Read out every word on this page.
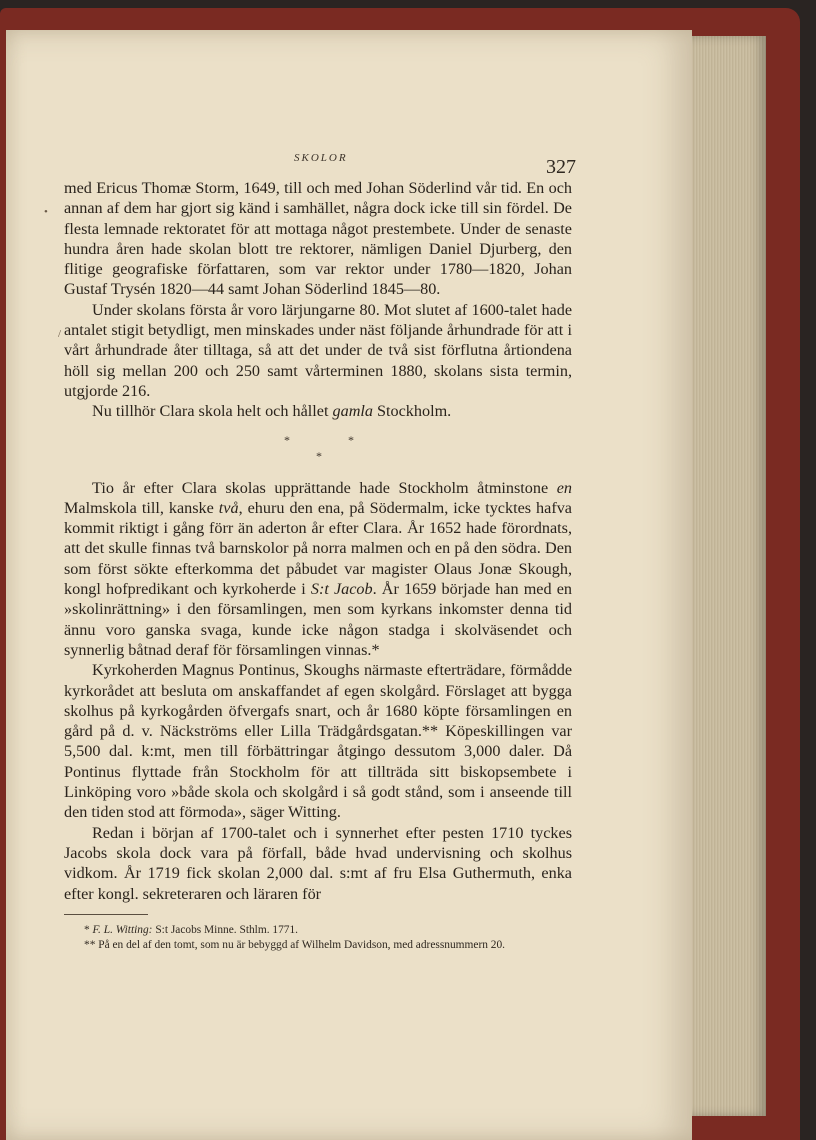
SKOLOR	327

med Ericus Thomæ Storm, 1649, till och med Johan Söderlind vår tid. En och annan af dem har gjort sig känd i samhället, några dock icke till sin fördel. De flesta lemnade rektoratet för att mottaga något prestembete. Under de senaste hundra åren hade skolan blott tre rektorer, nämligen Daniel Djurberg, den flitige geografiske författaren, som var rektor under 1780—1820, Johan Gustaf Trysén 1820—44 samt Johan Söderlind 1845—80.

Under skolans första år voro lärjungarne 80. Mot slutet af 1600-talet hade antalet stigit betydligt, men minskades under näst följande århundrade för att i vårt århundrade åter tilltaga, så att det under de två sist förflutna årtiondena höll sig mellan 200 och 250 samt vårterminen 1880, skolans sista termin, utgjorde 216.

Nu tillhör Clara skola helt och hållet gamla Stockholm.

*	*
*

Tio år efter Clara skolas upprättande hade Stockholm åtminstone en Malmskola till, kanske två, ehuru den ena, på Södermalm, icke tycktes hafva kommit riktigt i gång förr än aderton år efter Clara. År 1652 hade förordnats, att det skulle finnas två barnskolor på norra malmen och en på den södra. Den som först sökte efterkomma det påbudet var magister Olaus Jonæ Skough, kongl hofpredikant och kyrkoherde i S:t Jacob. År 1659 började han med en »skolinrättning» i den församlingen, men som kyrkans inkomster denna tid ännu voro ganska svaga, kunde icke någon stadga i skolväsendet och synnerlig båtnad deraf för församlingen vinnas.*

Kyrkoherden Magnus Pontinus, Skoughs närmaste efterträdare, förmådde kyrkorådet att besluta om anskaffandet af egen skolgård. Förslaget att bygga skolhus på kyrkogården öfvergafs snart, och år 1680 köpte församlingen en gård på d. v. Näckströms eller Lilla Trädgårdsgatan.** Köpeskillingen var 5,500 dal. k:mt, men till förbättringar åtgingo dessutom 3,000 daler. Då Pontinus flyttade från Stockholm för att tillträda sitt biskopsembete i Linköping voro »både skola och skolgård i så godt stånd, som i anseende till den tiden stod att förmoda», säger Witting.

Redan i början af 1700-talet och i synnerhet efter pesten 1710 tyckes Jacobs skola dock vara på förfall, både hvad undervisning och skolhus vidkom. År 1719 fick skolan 2,000 dal. s:mt af fru Elsa Guthermuth, enka efter kongl. sekreteraren och läraren för

* F. L. Witting: S:t Jacobs Minne. Sthlm. 1771.

** På en del af den tomt, som nu är bebyggd af Wilhelm Davidson, med adressnummern 20.

•
/
